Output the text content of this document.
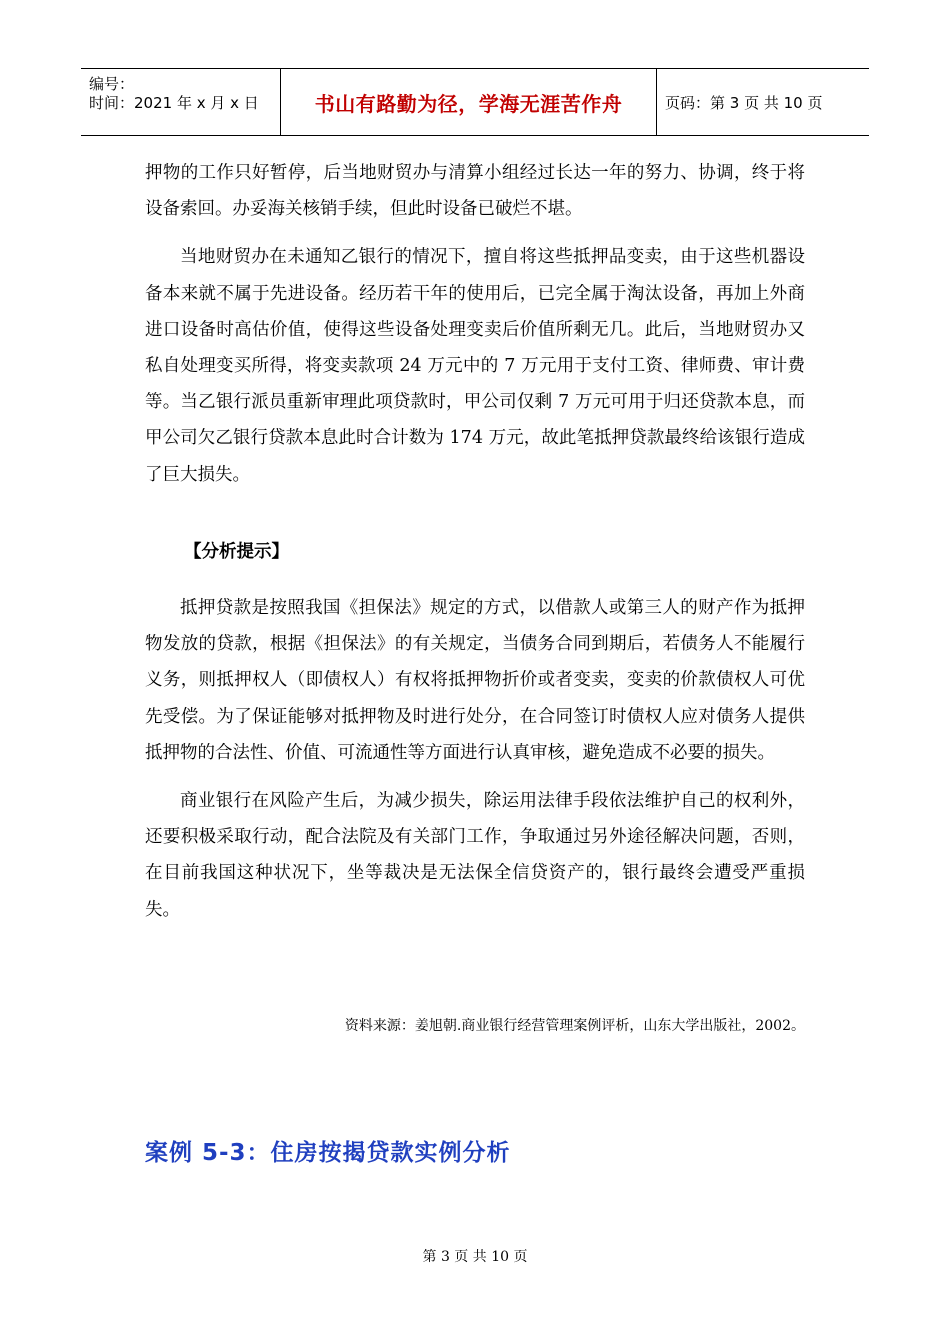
编号：
时间：2021 年 x 月 x 日	书山有路勤为径，学海无涯苦作舟	页码：第 3 页 共 10 页

押物的工作只好暂停，后当地财贸办与清算小组经过长达一年的努力、协调，终于将设备索回。办妥海关核销手续，但此时设备已破烂不堪。

当地财贸办在未通知乙银行的情况下，擅自将这些抵押品变卖，由于这些机器设备本来就不属于先进设备。经历若干年的使用后，已完全属于淘汰设备，再加上外商进口设备时高估价值，使得这些设备处理变卖后价值所剩无几。此后，当地财贸办又私自处理变买所得，将变卖款项 24 万元中的 7 万元用于支付工资、律师费、审计费等。当乙银行派员重新审理此项贷款时，甲公司仅剩 7 万元可用于归还贷款本息，而甲公司欠乙银行贷款本息此时合计数为 174 万元，故此笔抵押贷款最终给该银行造成了巨大损失。

【分析提示】

抵押贷款是按照我国《担保法》规定的方式，以借款人或第三人的财产作为抵押物发放的贷款，根据《担保法》的有关规定，当债务合同到期后，若债务人不能履行义务，则抵押权人（即债权人）有权将抵押物折价或者变卖，变卖的价款债权人可优先受偿。为了保证能够对抵押物及时进行处分，在合同签订时债权人应对债务人提供抵押物的合法性、价值、可流通性等方面进行认真审核，避免造成不必要的损失。

商业银行在风险产生后，为减少损失，除运用法律手段依法维护自己的权利外，还要积极采取行动，配合法院及有关部门工作，争取通过另外途径解决问题，否则，在目前我国这种状况下，坐等裁决是无法保全信贷资产的，银行最终会遭受严重损失。

资料来源：姜旭朝.商业银行经营管理案例评析，山东大学出版社，2002。
案例 5-3：住房按揭贷款实例分析
第 3 页 共 10 页
